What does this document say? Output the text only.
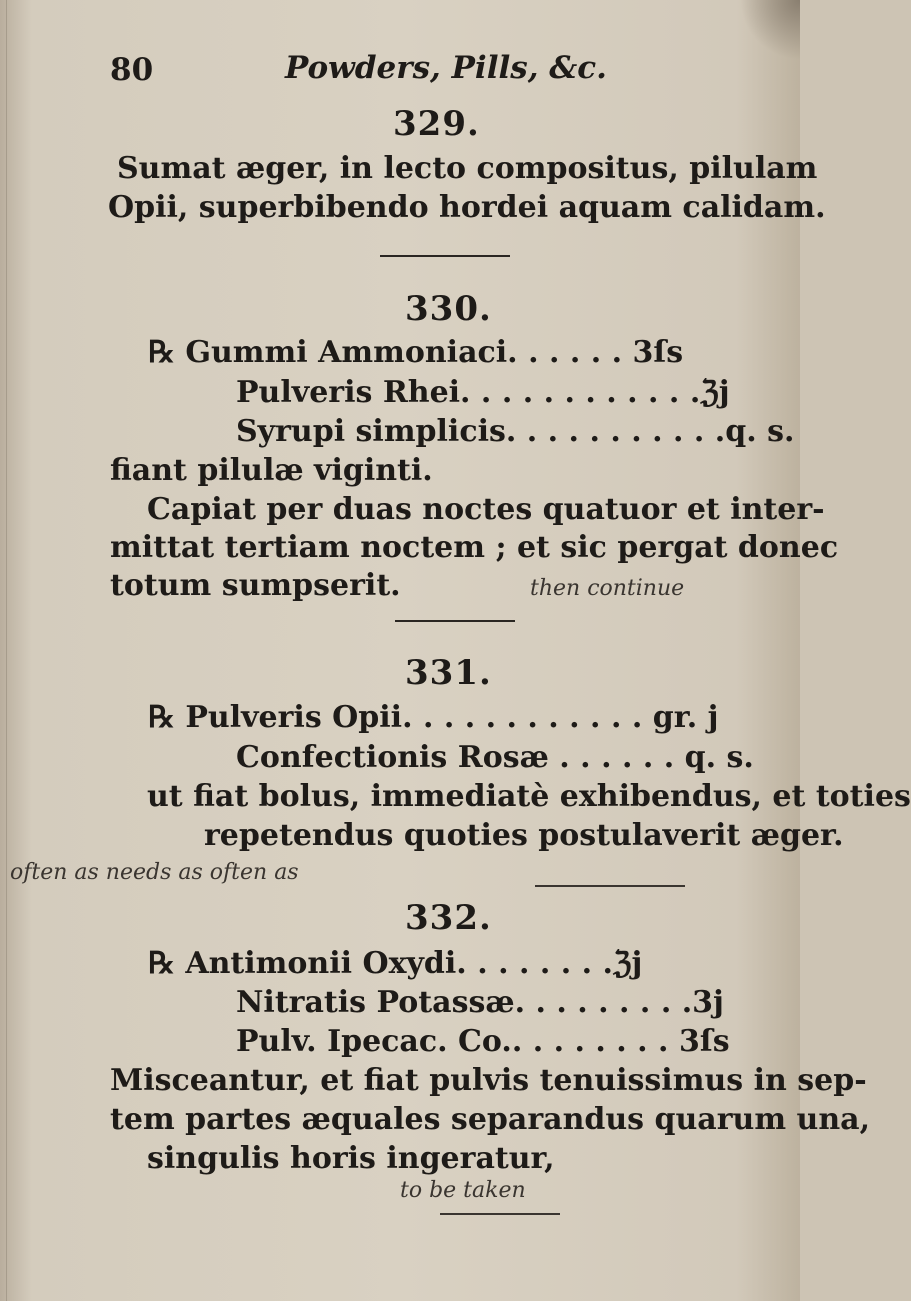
80	Powders, Pills, &c.
329.
Sumat æger, in lecto compositus, pilulam
Opii, superbibendo hordei aquam calidam.
330.
℞ Gummi Ammoniaci. . . . . . 3ſs
Pulveris Rhei. . . . . . . . . . . .ℨj
Syrupi simplicis. . . . . . . . . . .q. s.
fiant pilulæ viginti.
Capiat per duas noctes quatuor et inter-
mittat tertiam noctem ; et sic pergat donec
totum sumpserit.	then continue
331.
℞ Pulveris Opii. . . . . . . . . . . . gr. j
Confectionis Rosæ . . . . . . q. s.
ut fiat bolus, immediatè exhibendus, et toties
repetendus quoties postulaverit æger.
often as needs as often as
332.
℞ Antimonii Oxydi. . . . . . . .ℨj
Nitratis Potassæ. . . . . . . . .3j
Pulv. Ipecac. Co.. . . . . . . . 3ſs
Misceantur, et fiat pulvis tenuissimus in sep-
tem partes æquales separandus quarum una,
singulis horis ingeratur,
to be taken
